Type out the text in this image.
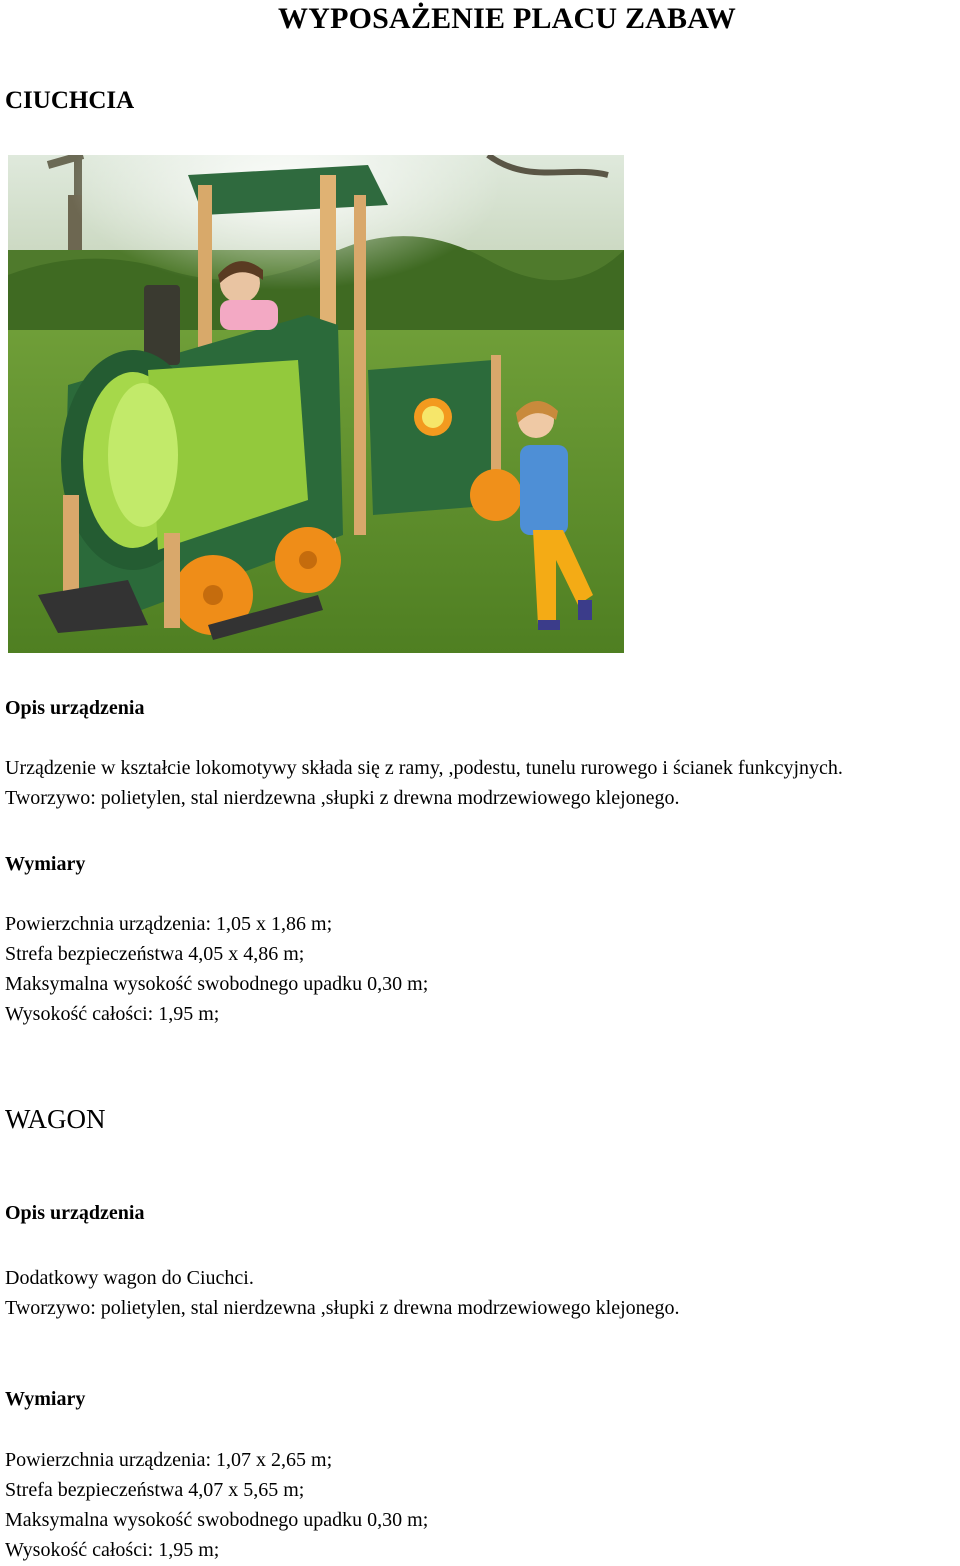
WYPOSAŻENIE PLACU ZABAW
CIUCHCIA
Opis urządzenia

Urządzenie w kształcie lokomotywy składa się z ramy, ,podestu, tunelu rurowego i ścianek funkcyjnych.

Tworzywo: polietylen, stal nierdzewna ,słupki z drewna modrzewiowego klejonego.

Wymiary

Powierzchnia urządzenia: 1,05 x 1,86 m;

Strefa bezpieczeństwa 4,05 x 4,86 m;

Maksymalna wysokość swobodnego upadku 0,30 m;

Wysokość całości: 1,95 m;

WAGON
Opis urządzenia

Dodatkowy wagon do Ciuchci.

Tworzywo: polietylen, stal nierdzewna ,słupki z drewna modrzewiowego klejonego.

Wymiary

Powierzchnia urządzenia: 1,07 x 2,65 m;

Strefa bezpieczeństwa 4,07 x 5,65 m;

Maksymalna wysokość swobodnego upadku 0,30 m;

Wysokość całości: 1,95 m;
